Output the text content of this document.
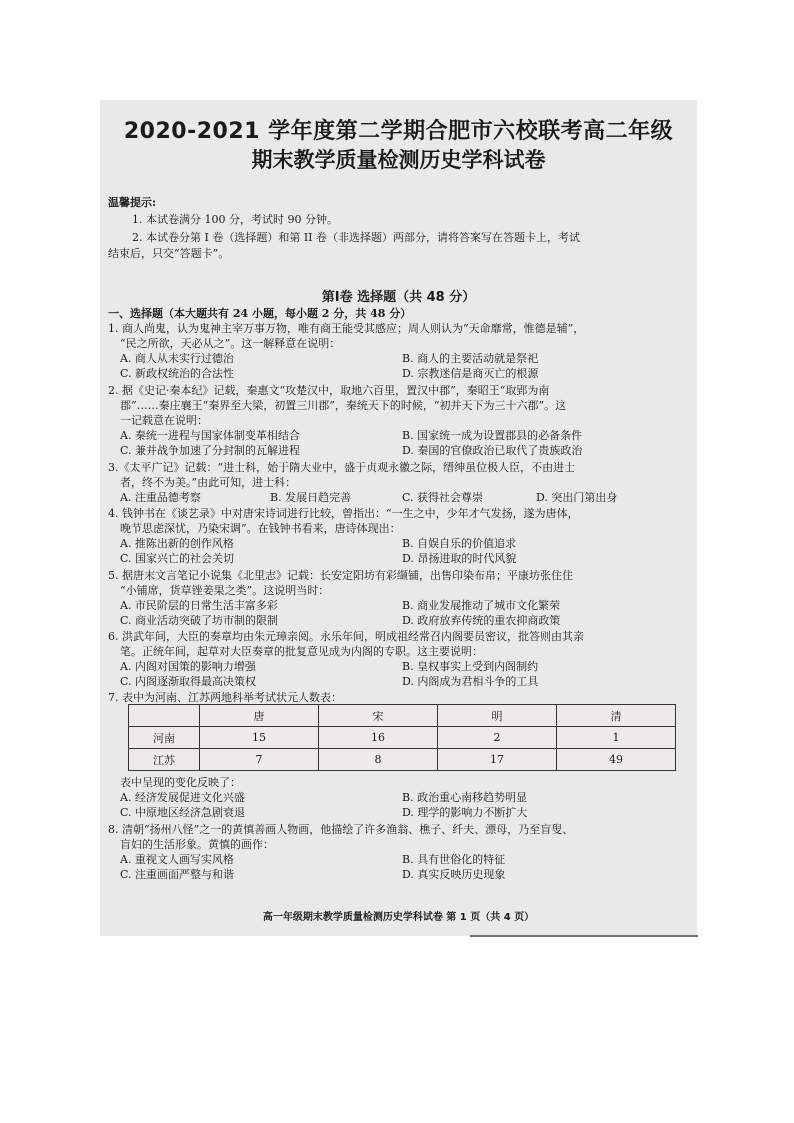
2020-2021 学年度第二学期合肥市六校联考高二年级
期末教学质量检测历史学科试卷
温馨提示:
1. 本试卷满分 100 分，考试时 90 分钟。
2. 本试卷分第 I 卷（选择题）和第 II 卷（非选择题）两部分，请将答案写在答题卡上，考试
结束后，只交“答题卡”。
第I卷 选择题（共 48 分）
一、选择题（本大题共有 24 小题，每小题 2 分，共 48 分）
1. 商人尚鬼，认为鬼神主宰万事万物，唯有商王能受其感应；周人则认为“天命靡常，惟德是辅”，
“民之所欲，天必从之”。这一解释意在说明：
A. 商人从未实行过德治	B. 商人的主要活动就是祭祀
C. 新政权统治的合法性	D. 宗教迷信是商灭亡的根源
2. 据《史记·秦本纪》记载，秦惠文“攻楚汉中，取地六百里，置汉中郡”，秦昭王“取郢为南
郡”……秦庄襄王“秦界至大梁，初置三川郡”，秦统天下的时候，“初并天下为三十六郡”。这
一记载意在说明：
A. 秦统一进程与国家体制变革相结合	B. 国家统一成为设置郡县的必备条件
C. 兼并战争加速了分封制的瓦解进程	D. 秦国的官僚政治已取代了贵族政治
3.《太平广记》记载：“进士科，始于隋大业中，盛于贞观永徽之际，缙绅虽位极人臣，不由进士
者，终不为美。”由此可知，进士科：
A. 注重品德考察	B. 发展日趋完善	C. 获得社会尊崇	D. 突出门第出身
4. 钱钟书在《谈艺录》中对唐宋诗词进行比较，曾指出：“一生之中，少年才气发扬，遂为唐体，
晚节思虑深忧，乃染宋调”。在钱钟书看来，唐诗体现出：
A. 推陈出新的创作风格	B. 自娱自乐的价值追求
C. 国家兴亡的社会关切	D. 昂扬进取的时代风貌
5. 据唐末文言笔记小说集《北里志》记载：长安定阳坊有彩缬铺，出售印染布帛；平康坊张住住
“小铺席，货草锉姜果之类”。这说明当时：
A. 市民阶层的日常生活丰富多彩	B. 商业发展推动了城市文化繁荣
C. 商业活动突破了坊市制的限制	D. 政府放弃传统的重农抑商政策
6. 洪武年间，大臣的奏章均由朱元璋亲阅。永乐年间，明成祖经常召内阁要员密议，批答则由其亲
笔。正统年间，起草对大臣奏章的批复意见成为内阁的专职。这主要说明：
A. 内阁对国策的影响力增强	B. 皇权事实上受到内阁制约
C. 内阁逐渐取得最高决策权	D. 内阁成为君相斗争的工具
7. 表中为河南、江苏两地科举考试状元人数表：
	唐	宋	明	清
河南	15	16	2	1
江苏	7	8	17	49
表中呈现的变化反映了：
A. 经济发展促进文化兴盛	B. 政治重心南移趋势明显
C. 中原地区经济急剧衰退	D. 理学的影响力不断扩大
8. 清朝“扬州八怪”之一的黄慎善画人物画，他描绘了许多渔翁、樵子、纤夫、漂母，乃至盲叟、
盲妇的生活形象。黄慎的画作：
A. 重视文人画写实风格	B. 具有世俗化的特征
C. 注重画面严整与和谐	D. 真实反映历史现象
高一年级期末教学质量检测历史学科试卷 第 1 页（共 4 页）
